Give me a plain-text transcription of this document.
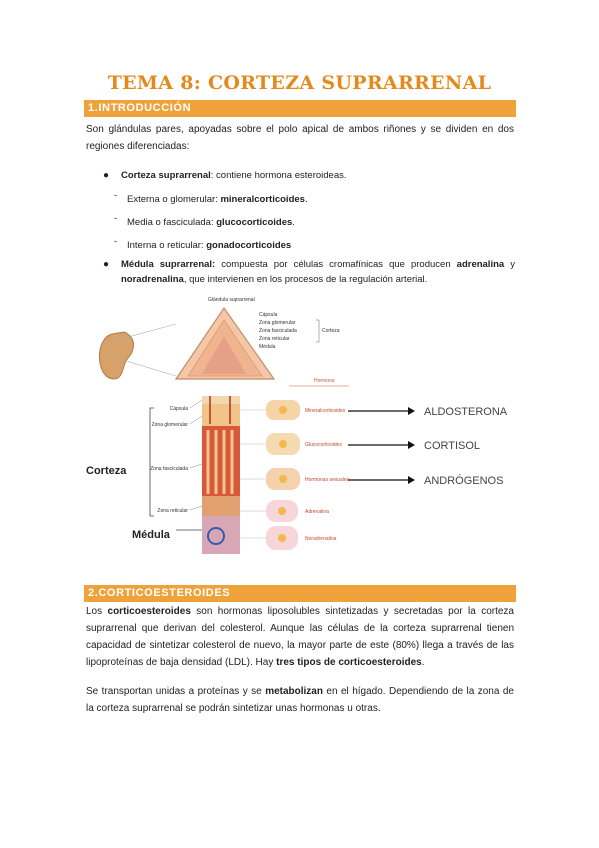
TEMA 8: CORTEZA SUPRARRENAL
1.INTRODUCCIÓN
Son glándulas pares, apoyadas sobre el polo apical de ambos riñones y se dividen en dos regiones diferenciadas:
● Corteza suprarrenal: contiene hormona esteroideas.
- Externa o glomerular: mineralcorticoides.
- Media o fasciculada: glucocorticoides.
- Interna o reticular: gonadocorticoides
● Médula suprarrenal: compuesta por células cromafínicas que producen adrenalina y noradrenalina, que intervienen en los procesos de la regulación arterial.
Glándula suprarrenal
Cápsula
Zona glomerular
Zona fasciculada
Zona reticular
Médula
Corteza
Cápsula
Zona glomerular
Zona fasciculada
Zona reticular
Corteza
Médula
Hormona
Mineralcorticoides
Glucocorticoides
Hormonas sexuales
Adrenalina
Noradrenalina
ALDOSTERONA
CORTISOL
ANDRÓGENOS
2.CORTICOESTEROIDES
Los corticoesteroides son hormonas liposolubles sintetizadas y secretadas por la corteza suprarrenal que derivan del colesterol. Aunque las células de la corteza suprarrenal tienen capacidad de sintetizar colesterol de nuevo, la mayor parte de este (80%) llega a través de las lipoproteínas de baja densidad (LDL). Hay tres tipos de corticoesteroides.
Se transportan unidas a proteínas y se metabolizan en el hígado. Dependiendo de la zona de la corteza suprarrenal se podrán sintetizar unas hormonas u otras.
